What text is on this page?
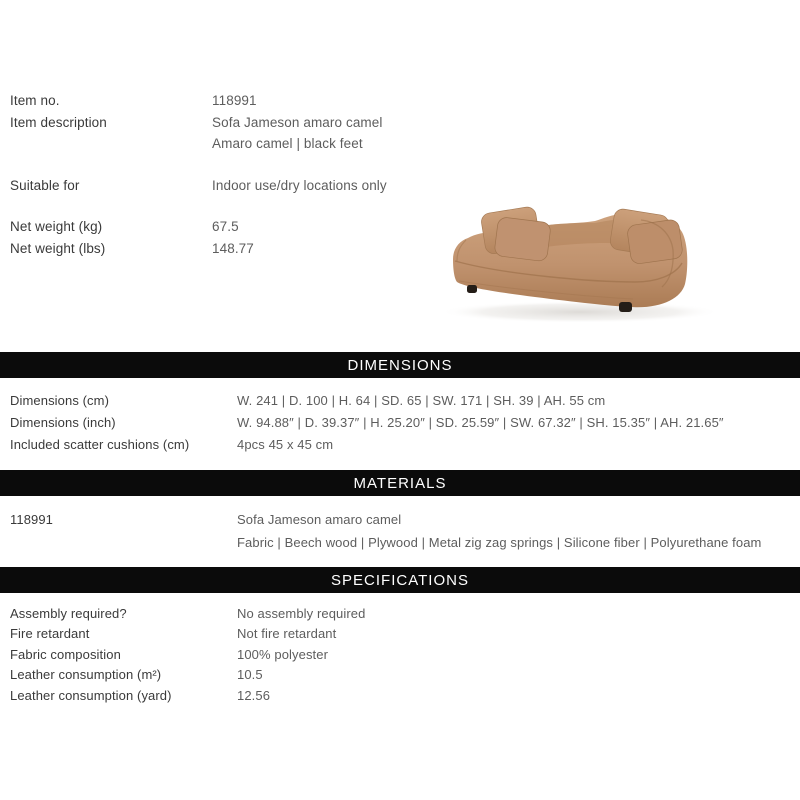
Item no.	118991
Item description	Sofa Jameson amaro camel
Amaro camel | black feet
Suitable for	Indoor use/dry locations only
Net weight (kg)	67.5
Net weight (lbs)	148.77
DIMENSIONS
Dimensions (cm)	W. 241 | D. 100 | H. 64 | SD. 65 | SW. 171 | SH. 39 | AH. 55 cm
Dimensions (inch)	W. 94.88″ | D. 39.37″ | H. 25.20″ | SD. 25.59″ | SW. 67.32″ | SH. 15.35″ | AH. 21.65″
Included scatter cushions (cm)	4pcs 45 x 45 cm
MATERIALS
118991	Sofa Jameson amaro camel
Fabric | Beech wood | Plywood | Metal zig zag springs | Silicone fiber | Polyurethane foam
SPECIFICATIONS
Assembly required?	No assembly required
Fire retardant	Not fire retardant
Fabric composition	100% polyester
Leather consumption (m²)	10.5
Leather consumption (yard)	12.56
